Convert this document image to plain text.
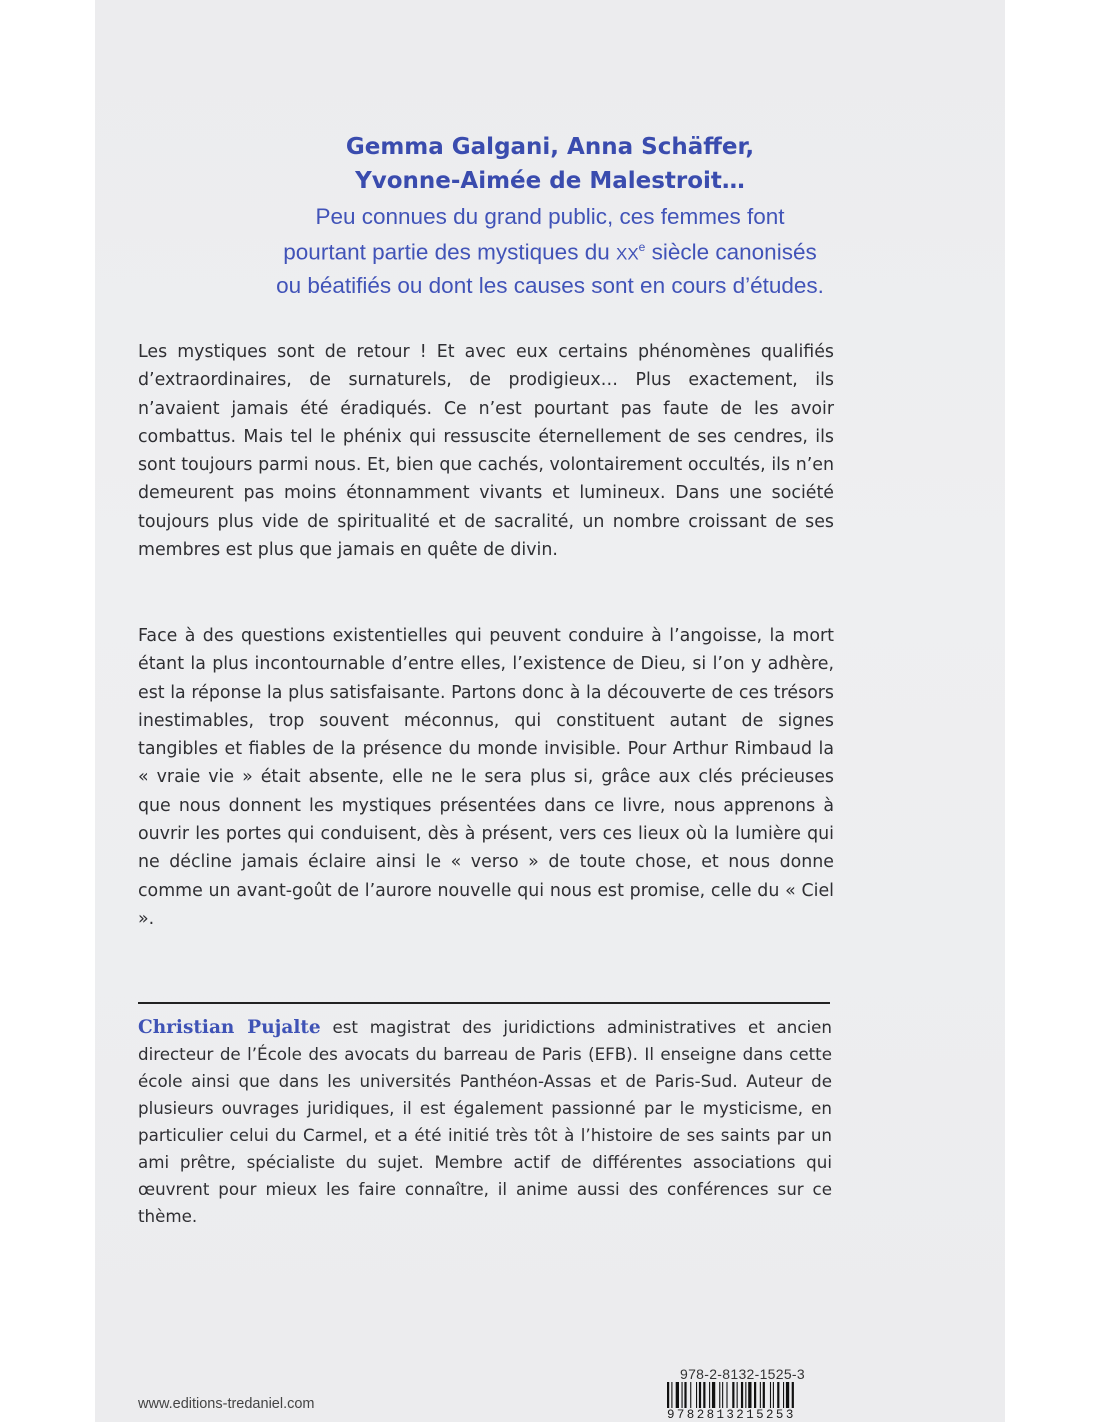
Gemma Galgani, Anna Schäffer,

Yvonne-Aimée de Malestroit…

Peu connues du grand public, ces femmes font
pourtant partie des mystiques du XXe siècle canonisés
ou béatifiés ou dont les causes sont en cours d’études.

Les mystiques sont de retour ! Et avec eux certains phénomènes qualifiés d’extraordinaires, de surnaturels, de prodigieux… Plus exactement, ils n’avaient jamais été éradiqués. Ce n’est pourtant pas faute de les avoir combattus. Mais tel le phénix qui ressuscite éternellement de ses cendres, ils sont toujours parmi nous. Et, bien que cachés, volontairement occultés, ils n’en demeurent pas moins étonnamment vivants et lumineux. Dans une société toujours plus vide de spiritualité et de sacralité, un nombre croissant de ses membres est plus que jamais en quête de divin.

Face à des questions existentielles qui peuvent conduire à l’angoisse, la mort étant la plus incontournable d’entre elles, l’existence de Dieu, si l’on y adhère, est la réponse la plus satisfaisante. Partons donc à la découverte de ces trésors inestimables, trop souvent méconnus, qui constituent autant de signes tangibles et fiables de la présence du monde invisible. Pour Arthur Rimbaud la « vraie vie » était absente, elle ne le sera plus si, grâce aux clés précieuses que nous donnent les mystiques présentées dans ce livre, nous apprenons à ouvrir les portes qui conduisent, dès à présent, vers ces lieux où la lumière qui ne décline jamais éclaire ainsi le « verso » de toute chose, et nous donne comme un avant-goût de l’aurore nouvelle qui nous est promise, celle du « Ciel ».

Christian Pujalte est magistrat des juridictions administratives et ancien directeur de l’École des avocats du barreau de Paris (EFB). Il enseigne dans cette école ainsi que dans les universités Panthéon-Assas et de Paris-Sud. Auteur de plusieurs ouvrages juridiques, il est également passionné par le mysticisme, en particulier celui du Carmel, et a été initié très tôt à l’histoire de ses saints par un ami prêtre, spécialiste du sujet. Membre actif de différentes associations qui œuvrent pour mieux les faire connaître, il anime aussi des conférences sur ce thème.

978-2-8132-1525-3
www.editions-tredaniel.com
9782813215253
